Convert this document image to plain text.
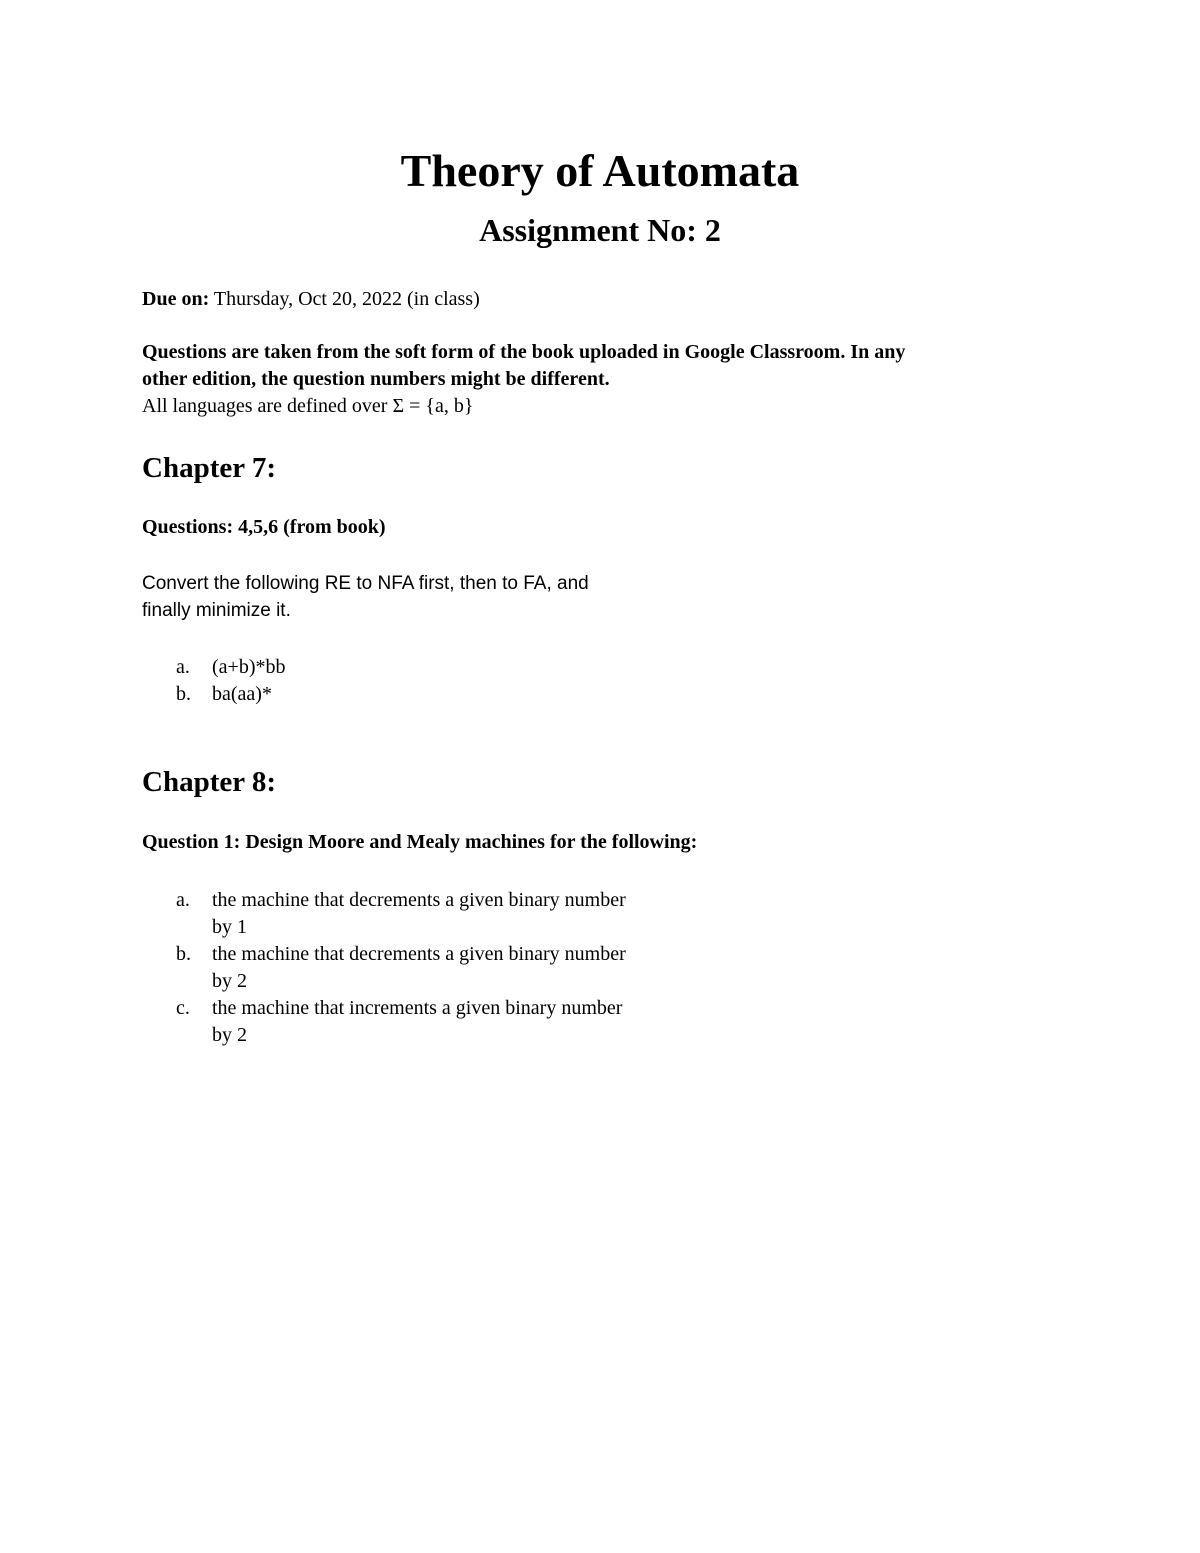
Theory of Automata
Assignment No: 2

Due on: Thursday, Oct 20, 2022 (in class)

Questions are taken from the soft form of the book uploaded in Google Classroom. In any

other edition, the question numbers might be different.

All languages are defined over Σ = {a, b}

Chapter 7:

Questions: 4,5,6 (from book)

Convert the following RE to NFA first, then to FA, and

finally minimize it.

a. (a+b)*bb
b. ba(aa)*
Chapter 8:

Question 1: Design Moore and Mealy machines for the following:

a. the machine that decrements a given binary number
by 1
b. the machine that decrements a given binary number
by 2
c. the machine that increments a given binary number
by 2
